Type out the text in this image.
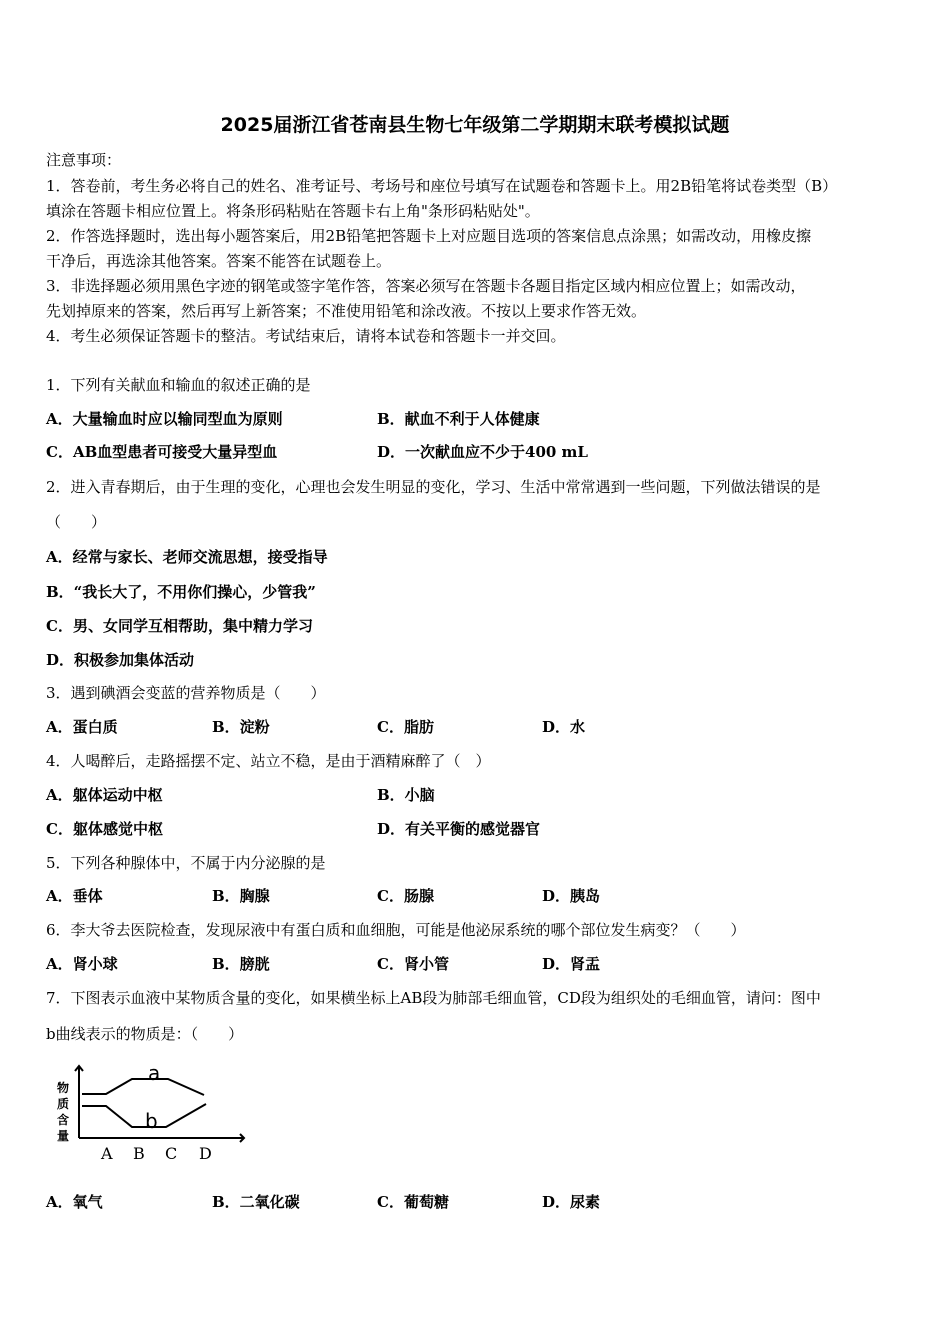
2025届浙江省苍南县生物七年级第二学期期末联考模拟试题
注意事项：
1．答卷前，考生务必将自己的姓名、准考证号、考场号和座位号填写在试题卷和答题卡上。用2B铅笔将试卷类型（B）
填涂在答题卡相应位置上。将条形码粘贴在答题卡右上角"条形码粘贴处"。
2．作答选择题时，选出每小题答案后，用2B铅笔把答题卡上对应题目选项的答案信息点涂黑；如需改动，用橡皮擦
干净后，再选涂其他答案。答案不能答在试题卷上。
3．非选择题必须用黑色字迹的钢笔或签字笔作答，答案必须写在答题卡各题目指定区域内相应位置上；如需改动，
先划掉原来的答案，然后再写上新答案；不准使用铅笔和涂改液。不按以上要求作答无效。
4．考生必须保证答题卡的整洁。考试结束后，请将本试卷和答题卡一并交回。
1．下列有关献血和输血的叙述正确的是
A．大量输血时应以输同型血为原则	B．献血不利于人体健康
C．AB血型患者可接受大量异型血	D．一次献血应不少于400 mL
2．进入青春期后，由于生理的变化，心理也会发生明显的变化，学习、生活中常常遇到一些问题，下列做法错误的是
（　　）
A．经常与家长、老师交流思想，接受指导
B．“我长大了，不用你们操心，少管我”
C．男、女同学互相帮助，集中精力学习
D．积极参加集体活动
3．遇到碘酒会变蓝的营养物质是（　　）
A．蛋白质	B．淀粉	C．脂肪	D．水
4．人喝醉后，走路摇摆不定、站立不稳，是由于酒精麻醉了（　）
A．躯体运动中枢	B．小脑
C．躯体感觉中枢	D．有关平衡的感觉器官
5．下列各种腺体中，不属于内分泌腺的是
A．垂体	B．胸腺	C．肠腺	D．胰岛
6．李大爷去医院检查，发现尿液中有蛋白质和血细胞，可能是他泌尿系统的哪个部位发生病变？（　　）
A．肾小球	B．膀胱	C．肾小管	D．肾盂
7．下图表示血液中某物质含量的变化，如果横坐标上AB段为肺部毛细血管，CD段为组织处的毛细血管，请问：图中
b曲线表示的物质是：（　　）
a
b
物
质
含
量
A B C D
A．氧气	B．二氧化碳	C．葡萄糖	D．尿素
